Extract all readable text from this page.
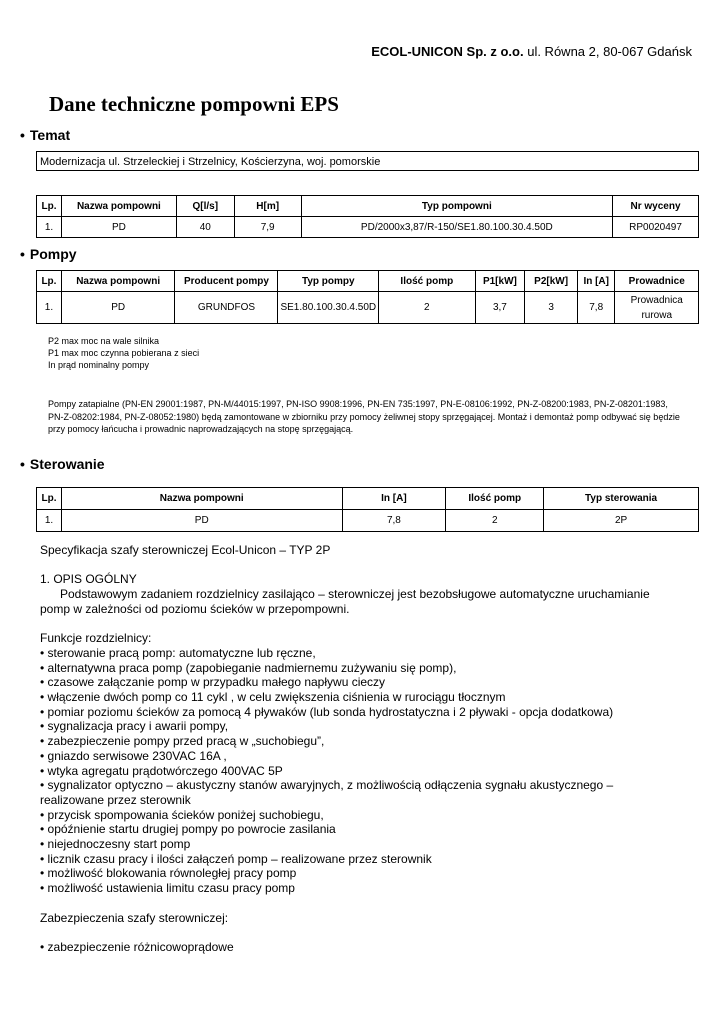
ECOL-UNICON Sp. z o.o. ul. Równa 2, 80-067 Gdańsk
Dane techniczne pompowni EPS
• Temat
Modernizacja ul. Strzeleckiej i Strzelnicy, Kościerzyna, woj. pomorskie
Lp.	Nazwa pompowni	Q[l/s]	H[m]	Typ pompowni	Nr wyceny
1.	PD	40	7,9	PD/2000x3,87/R-150/SE1.80.100.30.4.50D	RP0020497
• Pompy
Lp.	Nazwa pompowni	Producent pompy	Typ pompy	Ilość pomp	P1[kW]	P2[kW]	In [A]	Prowadnice
1.	PD	GRUNDFOS	SE1.80.100.30.4.50D	2	3,7	3	7,8	Prowadnica rurowa
P2 max moc na wale silnika
P1 max moc czynna pobierana z sieci
In prąd nominalny pompy
Pompy zatapialne (PN-EN 29001:1987, PN-M/44015:1997, PN-ISO 9908:1996, PN-EN 735:1997, PN-E-08106:1992, PN-Z-08200:1983, PN-Z-08201:1983, PN-Z-08202:1984, PN-Z-08052:1980) będą zamontowane w zbiorniku przy pomocy żeliwnej stopy sprzęgającej. Montaż i demontaż pomp odbywać się będzie przy pomocy łańcucha i prowadnic naprowadzających na stopę sprzęgającą.
• Sterowanie
Lp.	Nazwa pompowni	In [A]	Ilość pomp	Typ sterowania
1.	PD	7,8	2	2P

Specyfikacja szafy sterowniczej Ecol-Unicon – TYP 2P

1. OPIS OGÓLNY

Podstawowym zadaniem rozdzielnicy zasilająco – sterowniczej jest bezobsługowe automatyczne uruchamianie pomp w zależności od poziomu ścieków w przepompowni.

Funkcje rozdzielnicy:

• sterowanie pracą pomp: automatyczne lub ręczne,

• alternatywna praca pomp (zapobieganie nadmiernemu zużywaniu się pomp),

• czasowe załączanie pomp w przypadku małego napływu cieczy

• włączenie dwóch pomp co 11 cykl , w celu zwiększenia ciśnienia w rurociągu tłocznym

• pomiar poziomu ścieków za pomocą 4 pływaków (lub sonda hydrostatyczna i 2 pływaki - opcja dodatkowa)

• sygnalizacja pracy i awarii pompy,

• zabezpieczenie pompy przed pracą w „suchobiegu”,

• gniazdo serwisowe 230VAC 16A ,

• wtyka agregatu prądotwórczego 400VAC 5P

• sygnalizator optyczno – akustyczny stanów awaryjnych, z możliwością odłączenia sygnału akustycznego – realizowane przez sterownik

• przycisk spompowania ścieków poniżej suchobiegu,

• opóźnienie startu drugiej pompy po powrocie zasilania

• niejednoczesny start pomp

• licznik czasu pracy i ilości załączeń pomp – realizowane przez sterownik

• możliwość blokowania równoległej pracy pomp

• możliwość ustawienia limitu czasu pracy pomp

Zabezpieczenia szafy sterowniczej:

• zabezpieczenie różnicowoprądowe
